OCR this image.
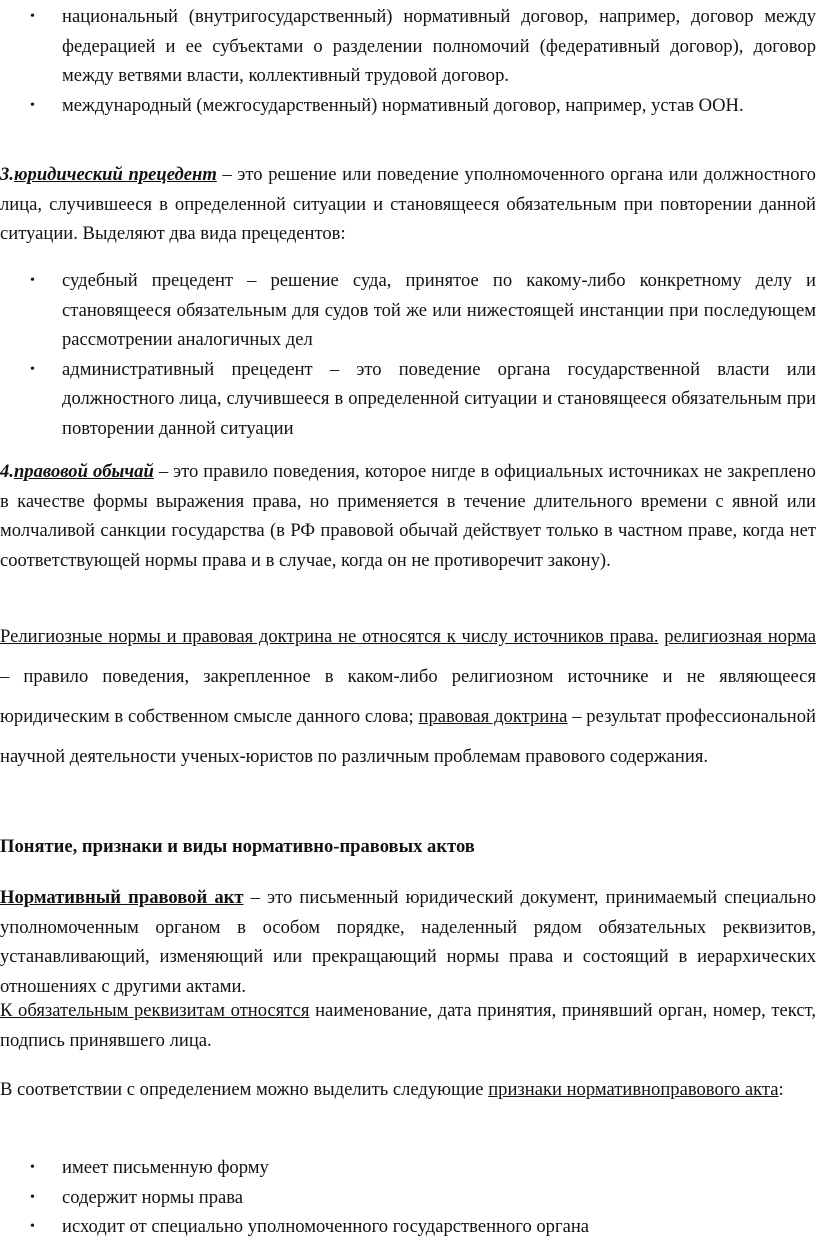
• национальный (внутригосударственный) нормативный договор, например, договор между федерацией и ее субъектами о разделении полномочий (федеративный договор), договор между ветвями власти, коллективный трудовой договор.
• международный (межгосударственный) нормативный договор, например, устав ООН.

3.юридический прецедент – это решение или поведение уполномоченного органа или должностного лица, случившееся в определенной ситуации и становящееся обязательным при повторении данной ситуации. Выделяют два вида прецедентов:

• судебный прецедент – решение суда, принятое по какому-либо конкретному делу и становящееся обязательным для судов той же или нижестоящей инстанции при последующем рассмотрении аналогичных дел
• административный прецедент – это поведение органа государственной власти или должностного лица, случившееся в определенной ситуации и становящееся обязательным при повторении данной ситуации

4.правовой обычай – это правило поведения, которое нигде в официальных источниках не закреплено в качестве формы выражения права, но применяется в течение длительного времени с явной или молчаливой санкции государства (в РФ правовой обычай действует только в частном праве, когда нет соответствующей нормы права и в случае, когда он не противоречит закону).

Религиозные нормы и правовая доктрина не относятся к числу источников права. религиозная норма – правило поведения, закрепленное в каком-либо религиозном источнике и не являющееся юридическим в собственном смысле данного слова; правовая доктрина – результат профессиональной научной деятельности ученых-юристов по различным проблемам правового содержания.

Понятие, признаки и виды нормативно-правовых актов

Нормативный правовой акт – это письменный юридический документ, принимаемый специально уполномоченным органом в особом порядке, наделенный рядом обязательных реквизитов, устанавливающий, изменяющий или прекращающий нормы права и состоящий в иерархических отношениях с другими актами.

К обязательным реквизитам относятся наименование, дата принятия, принявший орган, номер, текст, подпись принявшего лица.

В соответствии с определением можно выделить следующие признаки нормативноправового акта:

• имеет письменную форму
• содержит нормы права
• исходит от специально уполномоченного государственного органа
